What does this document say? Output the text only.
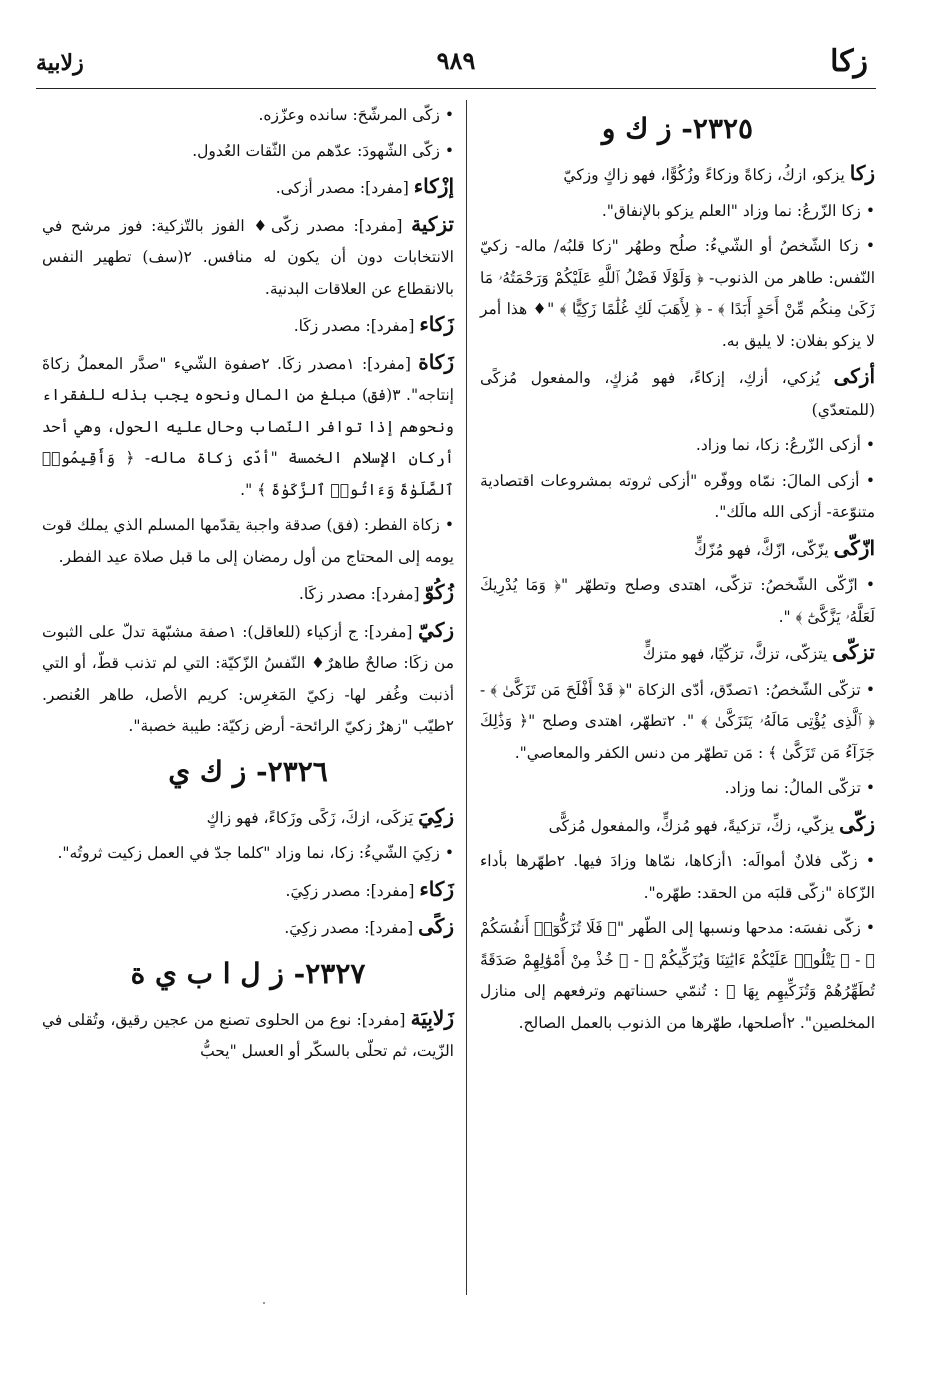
زكا
٩٨٩
زلابية
٢٣٢٥- ز ك و
زكا يزكو، ازكُ، زكاةً وزكاءً وزُكُوًّا، فهو زاكٍ وزكيّ
• زكا الزّرعُ: نما وزاد "العلم يزكو بالإنفاق".
• زكا الشّخصُ أو الشّيءُ: صلُح وطهُر "زكا قلبُه/ ماله- زكيّ النّفس: طاهر من الذنوب- ﴿ وَلَوْلَا فَضْلُ ٱللَّهِ عَلَيْكُمْ وَرَحْمَتُهُۥ مَا زَكَىٰ مِنكُم مِّنْ أَحَدٍ أَبَدًا ﴾ - ﴿ لِأَهَبَ لَكِ غُلَٰمًا زَكِيًّا ﴾ "♦ هذا أمر لا يزكو بفلان: لا يليق به.
أزكى يُزكي، أزكِ، إزكاءً، فهو مُزكٍ، والمفعول مُزكًى (للمتعدّي)
• أزكى الزّرعُ: زكا، نما وزاد.
• أزكى المالَ: نمّاه ووفّره "أزكى ثروته بمشروعات اقتصادية متنوّعة- أزكى الله مالَك".
ازّكّى يزّكّى، ازّكَّ، فهو مُزّكٍّ
• ازّكّى الشّخصُ: تزكّى، اهتدى وصلح وتطهّر "﴿ وَمَا يُدْرِيكَ لَعَلَّهُۥ يَزَّكَّىٰٓ ﴾ ".
تزكّى يتزكّى، تزكَّ، تزكّيًا، فهو متزكٍّ
• تزكّى الشّخصُ: ١تصدّق، أدّى الزكاة "﴿ قَدْ أَفْلَحَ مَن تَزَكَّىٰ ﴾ - ﴿ ٱلَّذِى يُؤْتِى مَالَهُۥ يَتَزَكَّىٰ ﴾ ". ٢تطهّر، اهتدى وصلح "﴿ وَذَٰلِكَ جَزَآءُ مَن تَزَكَّىٰ ﴾ : مَن تطهّر من دنس الكفر والمعاصي".
• تزكّى المالُ: نما وزاد.
زكّى يزكّي، زكِّ، تزكيةً، فهو مُزكٍّ، والمفعول مُزكًّى
• زكّى فلانٌ أموالَه: ١أزكاها، نمّاها وزادَ فيها. ٢طهّرها بأداء الزّكاة "زكّى قلبَه من الحقد: طهّره".
• زكّى نفسَه: مدحها ونسبها إلى الطّهر "﴿ فَلَا تُزَكُّوٓا۟ أَنفُسَكُمْ ﴾ - ﴿ يَتْلُوا۟ عَلَيْكُمْ ءَايَٰتِنَا وَيُزَكِّيكُمْ ﴾ - ﴿ خُذْ مِنْ أَمْوَٰلِهِمْ صَدَقَةً تُطَهِّرُهُمْ وَتُزَكِّيهِم بِهَا ﴾ : تُنمّي حسناتهم وترفعهم إلى منازل المخلصين". ٢أصلحها، طهّرها من الذنوب بالعمل الصالح.
• زكّى المرشّحَ: سانده وعزّزه.
• زكّى الشّهودَ: عدّهم من الثّقات العُدول.
إزْكاء [مفرد]: مصدر أزكى.
تزكية [مفرد]: مصدر زكّى♦ الفوز بالتّزكية: فوز مرشح في الانتخابات دون أن يكون له منافس. ٢(سف) تطهير النفس بالانقطاع عن العلاقات البدنية.
زَكاء [مفرد]: مصدر زكَا.
زَكاة [مفرد]: ١مصدر زكَا. ٢صفوة الشّيء "صدَّر المعملُ زكاةَ إنتاجه". ٣(فق) مبلغ من المال ونحوه يجب بذله للفقراء ونحوهم إذا توافر النّصاب وحال عليه الحول، وهي أحد أركان الإسلام الخمسة "أدّى زكاة ماله- ﴿ وَأَقِيمُوا۟ ٱلصَّلَوٰةَ وَءَاتُوا۟ ٱلزَّكَوٰةَ ﴾ ".
• زكاة الفطر: (فق) صدقة واجبة يقدّمها المسلم الذي يملك قوت يومه إلى المحتاج من أول رمضان إلى ما قبل صلاة عيد الفطر.
زُكُوّ [مفرد]: مصدر زكَا.
زكيّ [مفرد]: ج أزكياء (للعاقل): ١صفة مشبّهة تدلّ على الثبوت من زكَا: صالحٌ طاهرٌ♦ النّفسُ الزّكيّة: التي لم تذنب قطّ، أو التي أذنبت وغُفر لها- زكيّ المَغرِس: كريم الأصل، طاهر العُنصر. ٢طيّب "زهرٌ زكيّ الرائحة- أرض زكيّة: طيبة خصبة".
٢٣٢٦- ز ك ي
زكِيَ يَزكَى، ازكَ، زَكًى وزَكاءً، فهو زاكٍ
• زكِيَ الشّيءُ: زكا، نما وزاد "كلما جدّ في العمل زكيت ثروتُه".
زَكاء [مفرد]: مصدر زكِيَ.
زكًى [مفرد]: مصدر زكِيَ.
٢٣٢٧- ز ل ا ب ي ة
زَلابِيَة [مفرد]: نوع من الحلوى تصنع من عجين رقيق، وتُقلى في الزّيت، ثم تحلّى بالسكّر أو العسل "يحبُّ
